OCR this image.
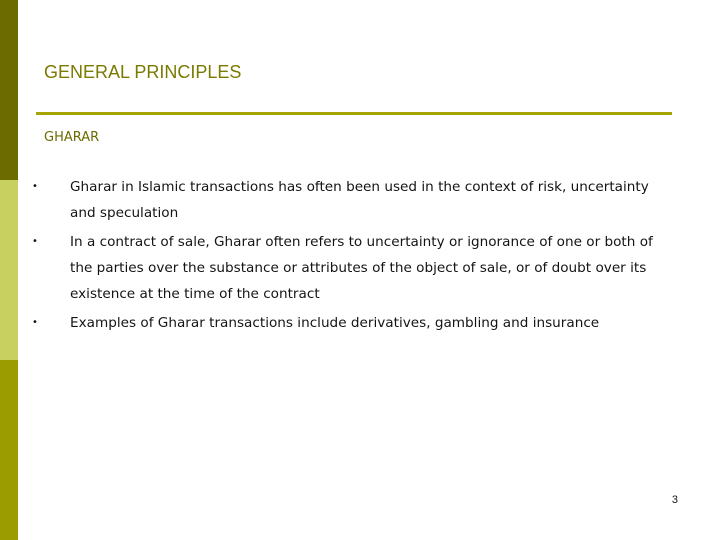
GENERAL PRINCIPLES
GHARAR
•	Gharar in Islamic transactions has often been used in the context of risk, uncertainty and speculation
•	In a contract of sale, Gharar often refers to uncertainty or ignorance of one or both of the parties over the substance or attributes of the object of sale, or of doubt over its existence at the time of the contract
•	Examples of Gharar transactions include derivatives, gambling and insurance
3
